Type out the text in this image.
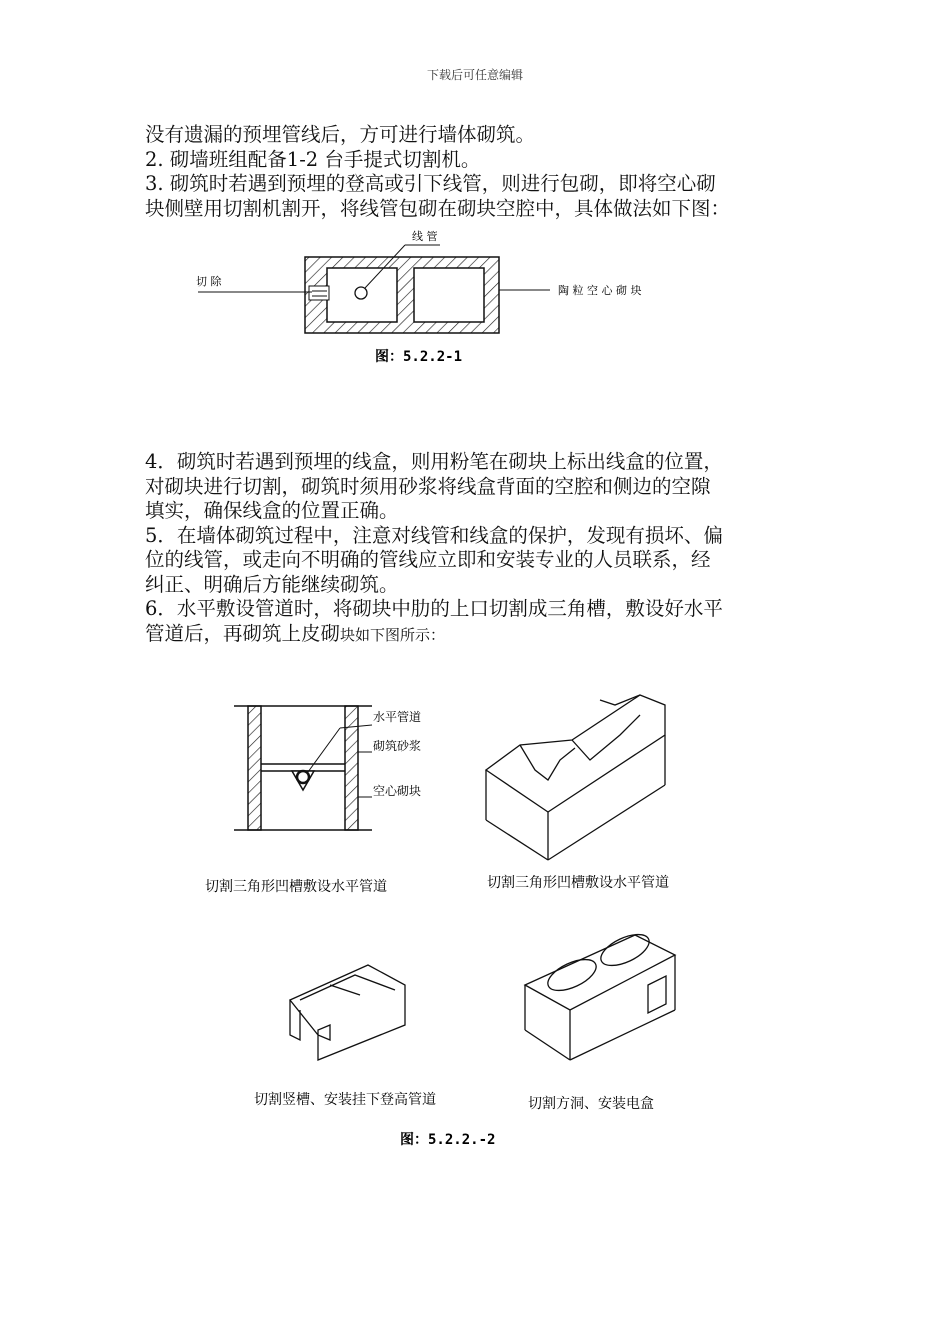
下载后可任意编辑

没有遗漏的预埋管线后，方可进行墙体砌筑。

2. 砌墙班组配备1-2 台手提式切割机。

3. 砌筑时若遇到预埋的登高或引下线管，则进行包砌，即将空心砌

块侧壁用切割机割开，将线管包砌在砌块空腔中，具体做法如下图：

线 管
切 除
陶 粒 空 心 砌 块
图：5.2.2-1

4．砌筑时若遇到预埋的线盒，则用粉笔在砌块上标出线盒的位置，

对砌块进行切割，砌筑时须用砂浆将线盒背面的空腔和侧边的空隙

填实，确保线盒的位置正确。

5．在墙体砌筑过程中，注意对线管和线盒的保护，发现有损坏、偏

位的线管，或走向不明确的管线应立即和安装专业的人员联系，经

纠正、明确后方能继续砌筑。

6．水平敷设管道时，将砌块中肋的上口切割成三角槽，敷设好水平

管道后，再砌筑上皮砌块如下图所示：

水平管道
砌筑砂浆
空心砌块
切割三角形凹槽敷设水平管道	切割三角形凹槽敷设水平管道
切割竖槽、安装挂下登高管道	切割方洞、安装电盒
图：5.2.2.-2
